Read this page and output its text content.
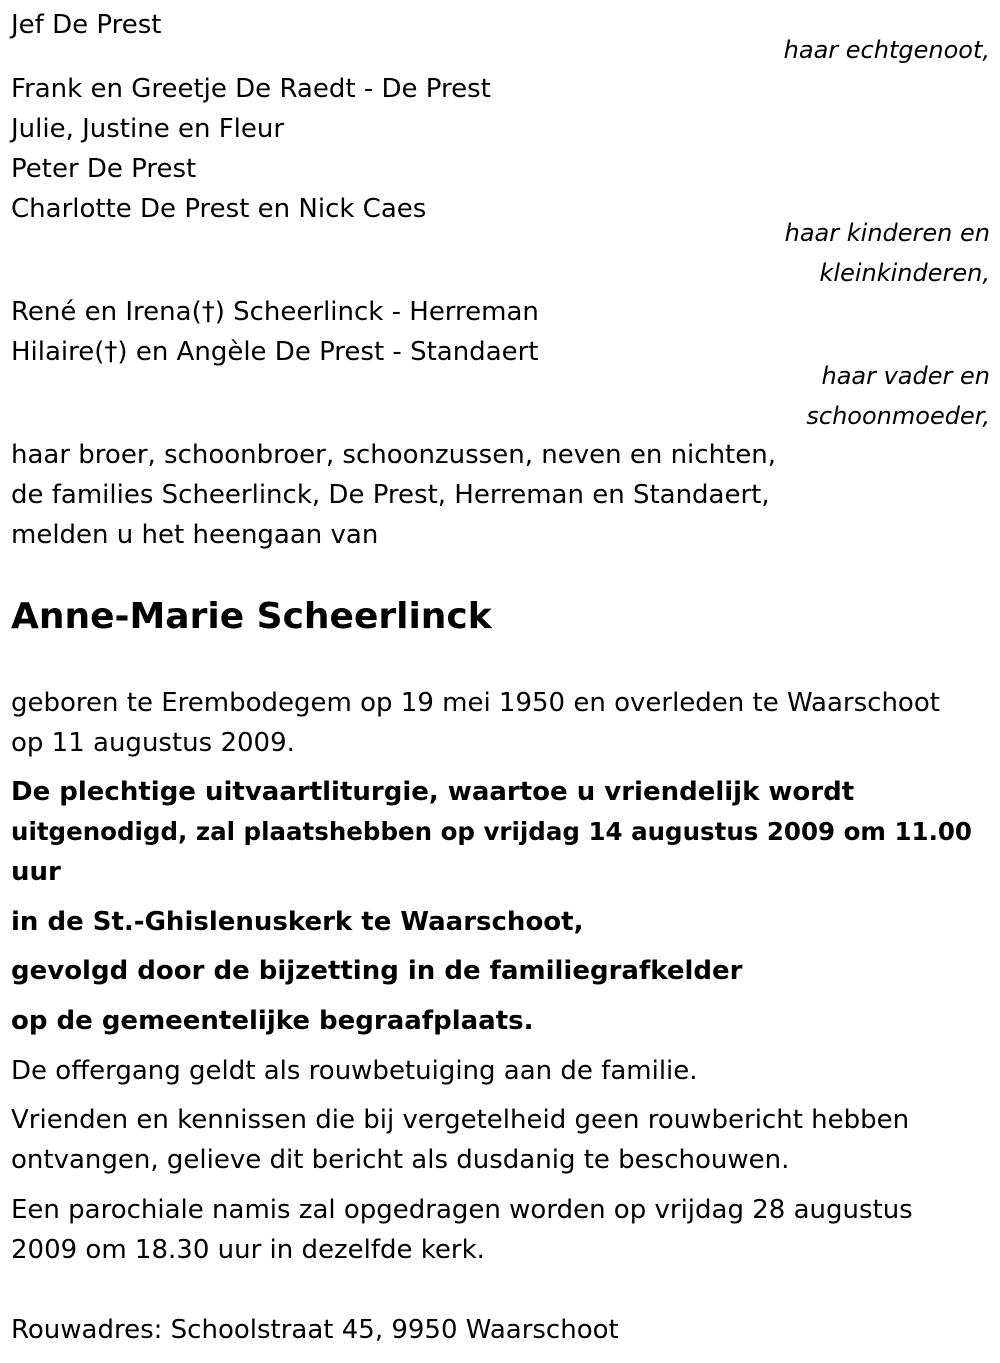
Jef De Prest
haar echtgenoot,
Frank en Greetje De Raedt - De Prest
Julie, Justine en Fleur
Peter De Prest
Charlotte De Prest en Nick Caes
haar kinderen en
kleinkinderen,
René en Irena(†) Scheerlinck - Herreman
Hilaire(†) en Angèle De Prest - Standaert
haar vader en
schoonmoeder,
haar broer, schoonbroer, schoonzussen, neven en nichten,
de families Scheerlinck, De Prest, Herreman en Standaert,
melden u het heengaan van
Anne-Marie Scheerlinck
geboren te Erembodegem op 19 mei 1950 en overleden te Waarschoot
op 11 augustus 2009.
De plechtige uitvaartliturgie, waartoe u vriendelijk wordt
uitgenodigd, zal plaatshebben op vrijdag 14 augustus 2009 om 11.00
uur
in de St.-Ghislenuskerk te Waarschoot,
gevolgd door de bijzetting in de familiegrafkelder
op de gemeentelijke begraafplaats.
De offergang geldt als rouwbetuiging aan de familie.
Vrienden en kennissen die bij vergetelheid geen rouwbericht hebben
ontvangen, gelieve dit bericht als dusdanig te beschouwen.
Een parochiale namis zal opgedragen worden op vrijdag 28 augustus
2009 om 18.30 uur in dezelfde kerk.
Rouwadres: Schoolstraat 45, 9950 Waarschoot
